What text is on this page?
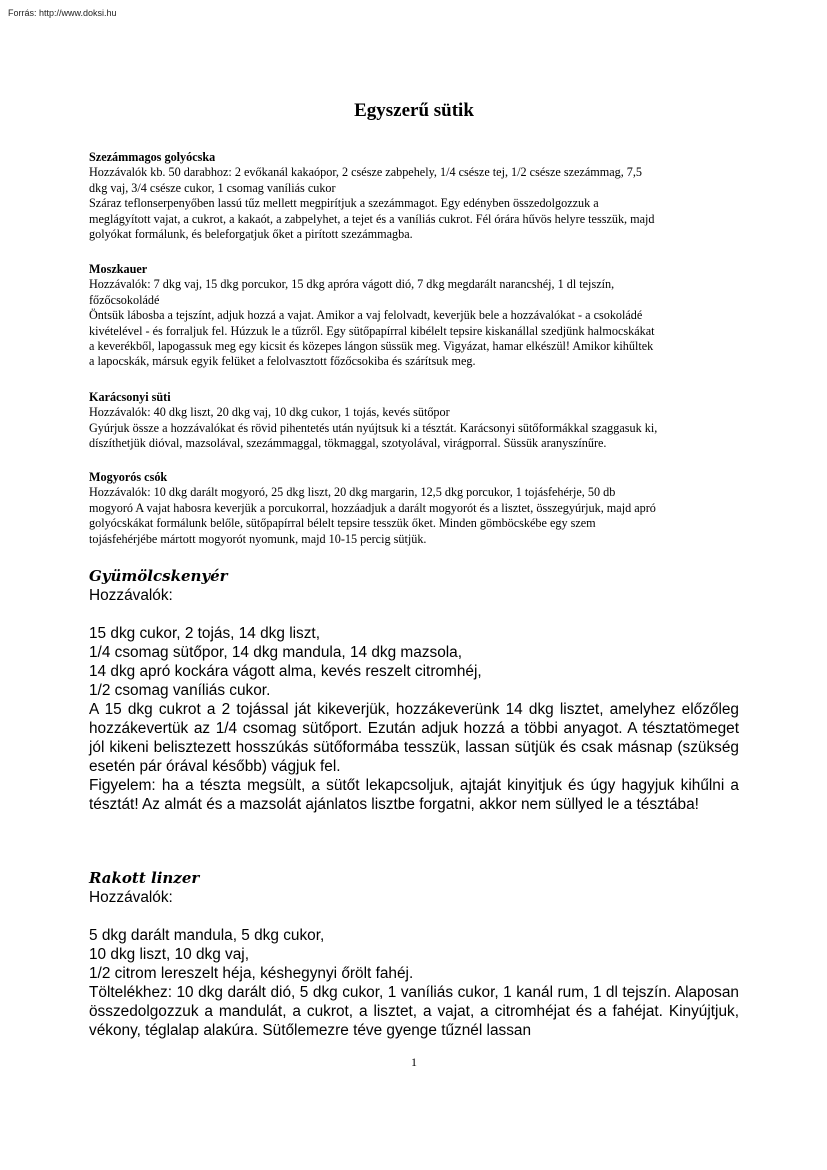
Forrás: http://www.doksi.hu
Egyszerű sütik
Szezámmagos golyócska

Hozzávalók kb. 50 darabhoz: 2 evőkanál kakaópor, 2 csésze zabpehely, 1/4 csésze tej, 1/2 csésze szezámmag, 7,5

dkg vaj, 3/4 csésze cukor, 1 csomag vaníliás cukor

Száraz teflonserpenyőben lassú tűz mellett megpirítjuk a szezámmagot. Egy edényben összedolgozzuk a

meglágyított vajat, a cukrot, a kakaót, a zabpelyhet, a tejet és a vaníliás cukrot. Fél órára hűvös helyre tesszük, majd

golyókat formálunk, és beleforgatjuk őket a pirított szezámmagba.

Moszkauer

Hozzávalók: 7 dkg vaj, 15 dkg porcukor, 15 dkg apróra vágott dió, 7 dkg megdarált narancshéj, 1 dl tejszín,

főzőcsokoládé

Öntsük lábosba a tejszínt, adjuk hozzá a vajat. Amikor a vaj felolvadt, keverjük bele a hozzávalókat - a csokoládé

kivételével - és forraljuk fel. Húzzuk le a tűzről. Egy sütőpapírral kibélelt tepsire kiskanállal szedjünk halmocskákat

a keverékből, lapogassuk meg egy kicsit és közepes lángon süssük meg. Vigyázat, hamar elkészül! Amikor kihűltek

a lapocskák, mársuk egyik felüket a felolvasztott főzőcsokiba és szárítsuk meg.

Karácsonyi süti

Hozzávalók: 40 dkg liszt, 20 dkg vaj, 10 dkg cukor, 1 tojás, kevés sütőpor

Gyúrjuk össze a hozzávalókat és rövid pihentetés után nyújtsuk ki a tésztát. Karácsonyi sütőformákkal szaggasuk ki,

díszíthetjük dióval, mazsolával, szezámmaggal, tökmaggal, szotyolával, virágporral. Süssük aranyszínűre.

Mogyorós csók

Hozzávalók: 10 dkg darált mogyoró, 25 dkg liszt, 20 dkg margarin, 12,5 dkg porcukor, 1 tojásfehérje, 50 db

mogyoró A vajat habosra keverjük a porcukorral, hozzáadjuk a darált mogyorót és a lisztet, összegyúrjuk, majd apró

golyócskákat formálunk belőle, sütőpapírral bélelt tepsire tesszük őket. Minden gömböcskébe egy szem

tojásfehérjébe mártott mogyorót nyomunk, majd 10-15 percig sütjük.

Gyümölcskenyér

Hozzávalók:

15 dkg cukor, 2 tojás, 14 dkg liszt,

1/4 csomag sütőpor, 14 dkg mandula, 14 dkg mazsola,

14 dkg apró kockára vágott alma, kevés reszelt citromhéj,

1/2 csomag vaníliás cukor.

A 15 dkg cukrot a 2 tojással ját kikeverjük, hozzákeverünk 14 dkg lisztet, amelyhez előzőleg hozzákevertük az 1/4 csomag sütőport. Ezután adjuk hozzá a többi anyagot. A tésztatömeget jól kikeni belisztezett hosszúkás sütőformába tesszük, lassan sütjük és csak másnap (szükség esetén pár órával később) vágjuk fel.

Figyelem: ha a tészta megsült, a sütőt lekapcsoljuk, ajtaját kinyitjuk és úgy hagyjuk kihűlni a tésztát! Az almát és a mazsolát ajánlatos lisztbe forgatni, akkor nem süllyed le a tésztába!

Rakott linzer

Hozzávalók:

5 dkg darált mandula, 5 dkg cukor,

10 dkg liszt, 10 dkg vaj,

1/2 citrom lereszelt héja, késhegynyi őrölt fahéj.

Töltelékhez: 10 dkg darált dió, 5 dkg cukor, 1 vaníliás cukor, 1 kanál rum, 1 dl tejszín. Alaposan összedolgozzuk a mandulát, a cukrot, a lisztet, a vajat, a citromhéjat és a fahéjat. Kinyújtjuk, vékony, téglalap alakúra. Sütőlemezre téve gyenge tűznél lassan

1
